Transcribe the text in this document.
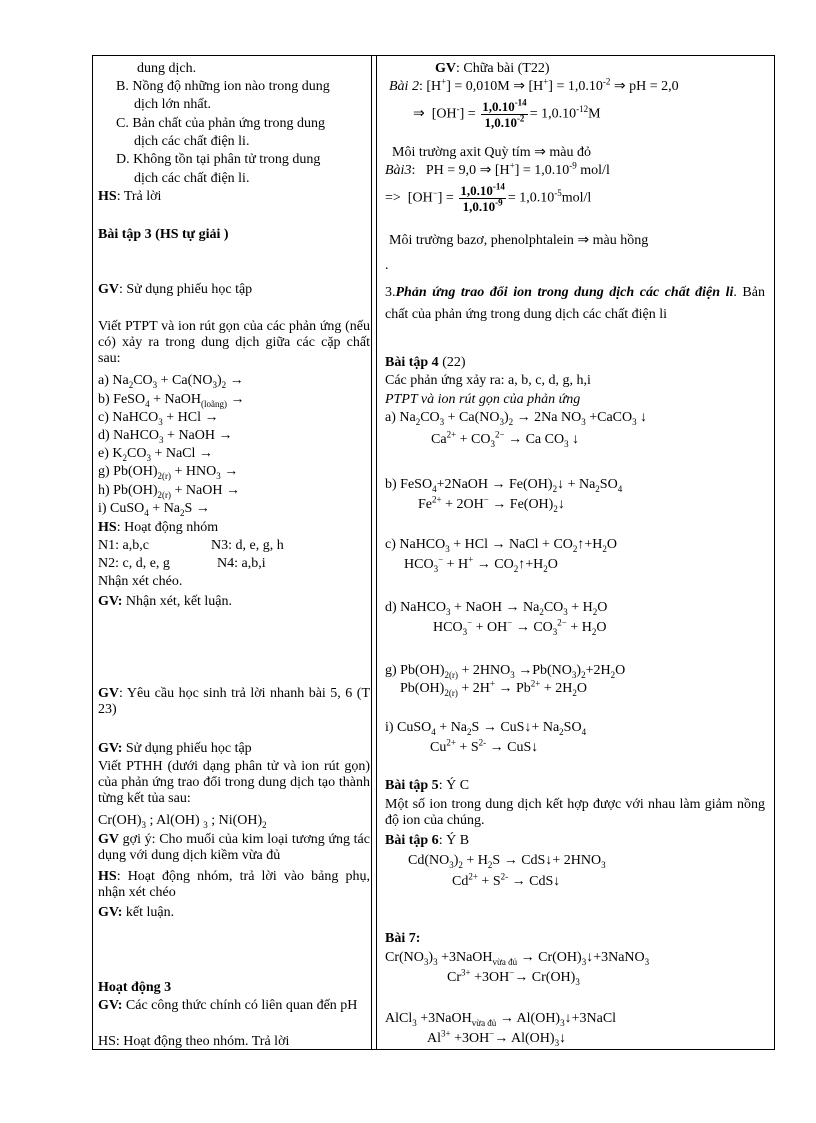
dung dịch.
B. Nồng độ những ion nào trong dung
dịch lớn nhất.
C. Bản chất của phản ứng trong dung
dịch các chất điện li.
D. Không tồn tại phân tử trong dung
dịch các chất điện li.
HS: Trả lời
Bài tập 3 (HS tự giải )
GV: Sử dụng phiếu học tập
Viết PTPT và ion rút gọn của các phản ứng (nếu có) xảy ra trong dung dịch giữa các cặp chất sau:
a) $Na_2CO_3 + Ca(NO_3)_2$ →
b) FeSO$_4$ + NaOH$_{(loãng)}$ →
c) NaHCO$_3$ + HCl →
d) NaHCO$_3$ + NaOH →
e) $K_2CO_3$ + NaCl →
g) $Pb(OH)_{2(r)} + HNO_3$ →
h) $Pb(OH)_{2(r)}$ + NaOH →
i) CuSO$_4$ + $Na_2S$ →
HS: Hoạt động nhóm
N1: a,b,c	N3: d, e, g, h
N2: c, d, e, g	N4: a,b,i
Nhận xét chéo.
GV: Nhận xét, kết luận.
GV: Yêu cầu học sinh trả lời nhanh bài 5, 6 (T 23)
GV: Sử dụng phiếu học tập
Viết PTHH (dưới dạng phân tử và ion rút gọn) của phản ứng trao đổi trong dung dịch tạo thành từng kết tủa sau:
$Cr(OH)_3$ ; Al(OH) $_3$ ; $Ni(OH)_2$
GV gợi ý: Cho muối của kim loại tương ứng tác dụng với dung dịch kiềm vừa đủ
HS: Hoạt động nhóm, trả lời vào bảng phụ, nhận xét chéo
GV: kết luận.
Hoạt động 3
GV: Các công thức chính có liên quan đến pH
HS: Hoạt động theo nhóm. Trả lời
GV: Chữa bài (T22)
Bài 2: [H+] = 0,010M ⇒ $[H^+] = 1,0.10^{-2}$ ⇒ pH = 2,0
⇒  $[OH^-] = \frac{1,0.10^{-14}}{1,0.10^{-2}} = 1,0.10^{-12}M$
Môi trường axit Quỳ tím ⇒ màu đỏ
Bài3:   PH = 9,0 ⇒ $[H^+] = 1,0.10^{-9}$ mol/l
=>  $[OH^-] = \frac{1,0.10^{-14}}{1,0.10^{-9}} = 1,0.10^{-5}mol/l$
Môi trường bazơ, phenolphtalein ⇒ màu hồng
.
3.Phản ứng trao đổi ion trong dung dịch các chất điện li. Bản chất của phản ứng trong dung dịch các chất điện li
Bài tập 4 (22)
Các phản ứng xảy ra: a, b, c, d, g, h,i
PTPT và ion rút gọn của phản ứng
a) $Na_2CO_3 + Ca(NO_3)_2 \to 2Na$ $NO_3$ +CaCO$_3$ ↓
$Ca^{2+} + CO_3^{2-} \to Ca$ $CO_3$ ↓
b) FeSO$_4$+2NaOH → $Fe(OH)_2↓ + Na_2SO_4$
$Fe^{2+} + 2OH^-$ → $Fe(OH)_2↓$
c) NaHCO$_3$ + HCl → NaCl + $CO_2↑+H_2O$
$HCO_3^- + H^+$ → $CO_2↑+H_2O$
d) NaHCO$_3$ + NaOH → $Na_2CO_3 + H_2O$
$HCO_3^- + OH^- \to CO_3^{2-} + H_2O$
g) $Pb(OH)_{2(r)} + 2HNO_3 \to Pb(NO_3)_2+2H_2O$
$Pb(OH)_{2(r)} + 2H^+ \to Pb^{2+} + 2H_2O$
i) CuSO$_4$ + $Na_2S$ → CuS↓+ $Na_2SO_4$
$Cu^{2+} + S^{2-}$ → CuS↓
Bài tập 5: Ý C
Một số ion trong dung dịch kết hợp được với nhau làm giảm nồng độ ion của chúng.
Bài tập 6: Ý B
$Cd(NO_3)_2 + H_2S$ → CdS↓+ $2HNO_3$
$Cd^{2+} + S^{2-}$ → CdS↓
Bài 7:
$Cr(NO_3)_3$ +3NaOH$_{vừa đủ}$ → $Cr(OH)_3↓+3NaNO_3$
$Cr^{3+} +3OH^-\to Cr(OH)_3$
AlCl$_3$ +3NaOH$_{vừa đủ}$ → $Al(OH)_3↓+3NaCl$
$Al^{3+} +3OH^-\to$ $Al(OH)_3↓$
